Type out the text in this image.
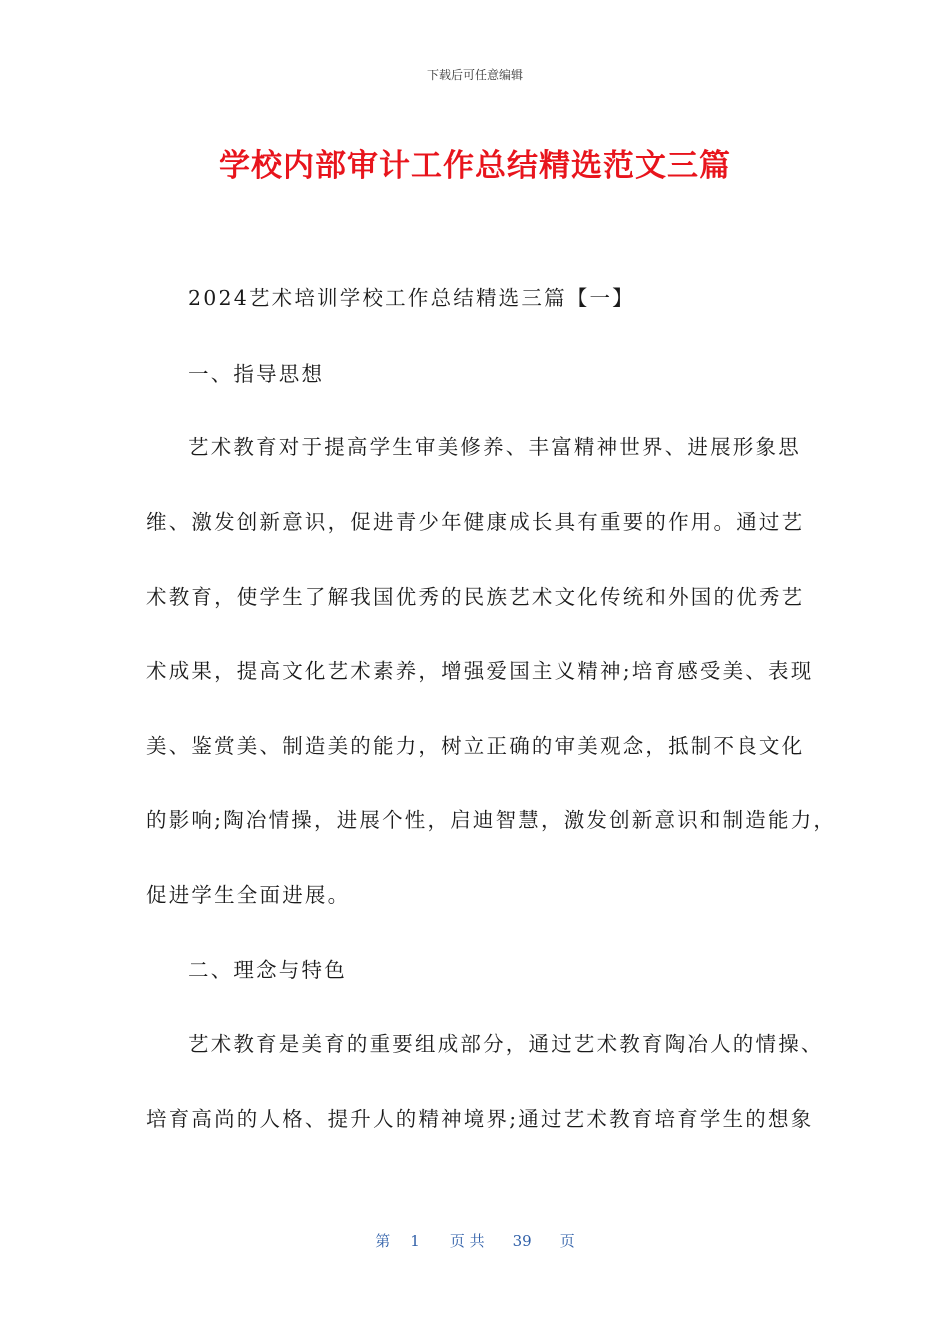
下载后可任意编辑
学校内部审计工作总结精选范文三篇
2024艺术培训学校工作总结精选三篇【一】
一、指导思想
艺术教育对于提高学生审美修养、丰富精神世界、进展形象思
维、激发创新意识，促进青少年健康成长具有重要的作用。通过艺
术教育，使学生了解我国优秀的民族艺术文化传统和外国的优秀艺
术成果，提高文化艺术素养，增强爱国主义精神;培育感受美、表现
美、鉴赏美、制造美的能力，树立正确的审美观念，抵制不良文化
的影响;陶冶情操，进展个性，启迪智慧，激发创新意识和制造能力，
促进学生全面进展。
二、理念与特色
艺术教育是美育的重要组成部分，通过艺术教育陶冶人的情操、
培育高尚的人格、提升人的精神境界;通过艺术教育培育学生的想象
第 1 页 共 39 页
